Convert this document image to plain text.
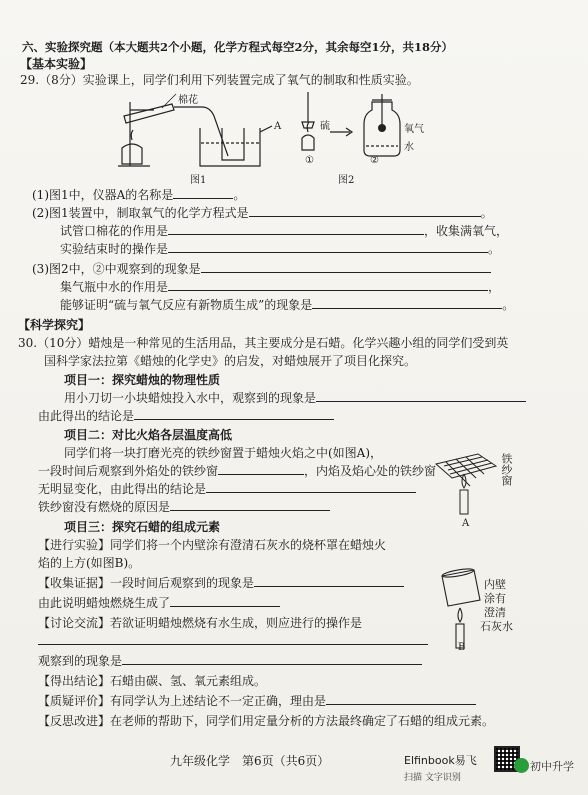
六、实验探究题（本大题共2个小题，化学方程式每空2分，其余每空1分，共18分）
【基本实验】
29.（8分）实验课上，同学们利用下列装置完成了氧气的制取和性质实验。
棉花
A
图1
硫	氧气
水
①	②
图2
(1)图1中，仪器A的名称是	。
(2)图1装置中，制取氧气的化学方程式是	。
试管口棉花的作用是	，收集满氧气，
实验结束时的操作是	。
(3)图2中，②中观察到的现象是
集气瓶中水的作用是	，
能够证明“硫与氧气反应有新物质生成”的现象是	。
【科学探究】
30.（10分）蜡烛是一种常见的生活用品，其主要成分是石蜡。化学兴趣小组的同学们受到英
国科学家法拉第《蜡烛的化学史》的启发，对蜡烛展开了项目化探究。
项目一：探究蜡烛的物理性质
用小刀切一小块蜡烛投入水中，观察到的现象是
由此得出的结论是
项目二：对比火焰各层温度高低
同学们将一块打磨光亮的铁纱窗置于蜡烛火焰之中(如图A)，
一段时间后观察到外焰处的铁纱窗	，内焰及焰心处的铁纱窗
无明显变化，由此得出的结论是
铁纱窗没有燃烧的原因是
铁纱窗
A
项目三：探究石蜡的组成元素
【进行实验】同学们将一个内壁涂有澄清石灰水的烧杯罩在蜡烛火
焰的上方(如图B)。
【收集证据】一段时间后观察到的现象是
由此说明蜡烛燃烧生成了
【讨论交流】若欲证明蜡烛燃烧有水生成，则应进行的操作是
观察到的现象是
【得出结论】石蜡由碳、氢、氧元素组成。
【质疑评价】有同学认为上述结论不一定正确，理由是
【反思改进】在老师的帮助下，同学们用定量分析的方法最终确定了石蜡的组成元素。
内壁
涂有
澄清
石灰水
B
九年级化学　第6页（共6页）	Elfinbook易飞
扫描 文字识别
初中升学
